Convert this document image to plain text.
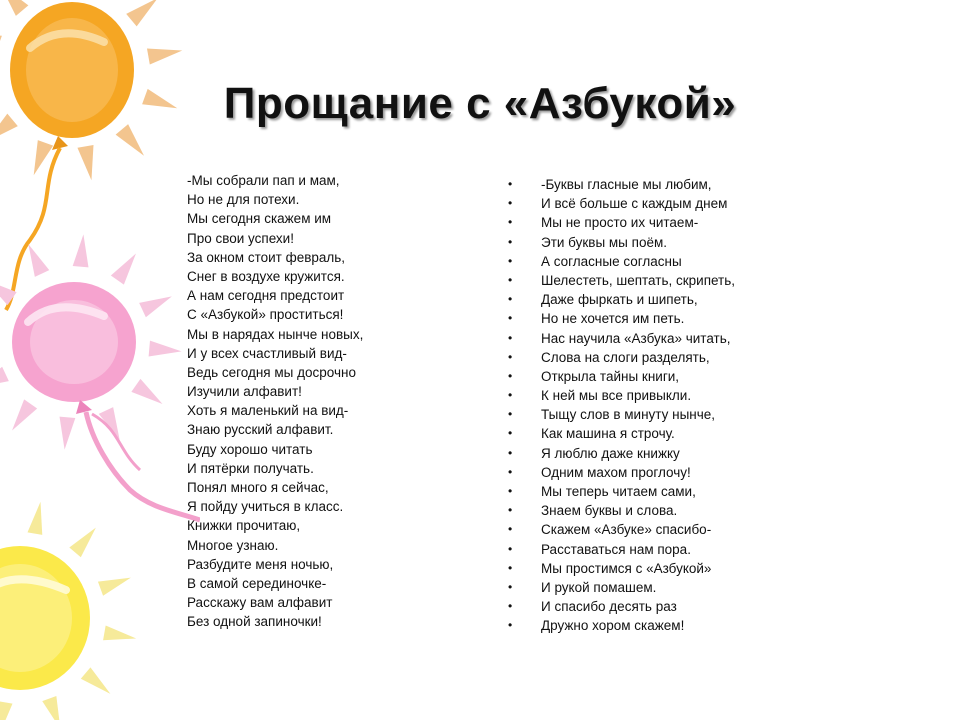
Прощание с «Азбукой»
-Мы собрали пап и мам,
Но не для потехи.
Мы сегодня скажем им
Про свои успехи!
За окном стоит февраль,
Снег в воздухе кружится.
А нам сегодня предстоит
С «Азбукой» проститься!
Мы в нарядах нынче новых,
И у всех счастливый вид-
Ведь сегодня мы досрочно
Изучили алфавит!
Хоть я маленький на вид-
Знаю русский алфавит.
Буду хорошо читать
И пятёрки получать.
Понял много я сейчас,
Я пойду учиться в класс.
Книжки прочитаю,
Многое узнаю.
Разбудите меня ночью,
В самой серединочке-
Расскажу вам алфавит
Без одной запиночки!
• -Буквы гласные мы любим,
• И всё больше с каждым днем
• Мы не просто их читаем-
• Эти буквы мы поём.
• А согласные согласны
• Шелестеть, шептать, скрипеть,
• Даже фыркать и шипеть,
• Но не хочется им петь.
• Нас научила «Азбука» читать,
• Слова на слоги разделять,
• Открыла тайны книги,
• К ней мы все привыкли.
• Тыщу слов в минуту нынче,
• Как машина я строчу.
• Я люблю даже книжку
• Одним махом проглочу!
• Мы теперь читаем сами,
• Знаем буквы и слова.
• Скажем «Азбуке» спасибо-
• Расставаться нам пора.
• Мы простимся с «Азбукой»
• И рукой помашем.
• И спасибо десять раз
• Дружно хором скажем!
